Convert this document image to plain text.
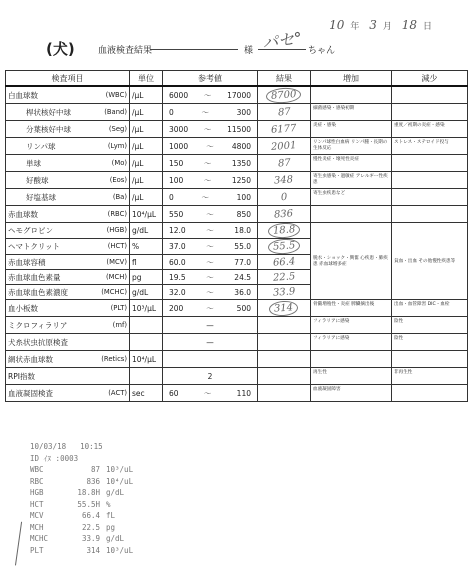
10 年 3 月 18 日
(犬)	血液検査結果	様 パセ° ちゃん
検査項目		単位	参考値	結果	増加	減少
白血球数	(WBC)	/μL	6000 〜 17000	8700		
桿状核好中球	(Band)	/μL	0 〜 300	87	細菌感染・感染初期	
分葉核好中球	(Seg)	/μL	3000 〜 11500	6177	炎症・感染	重度／初期の炎症・感染
リンパ球	(Lym)	/μL	1000 〜 4800	2001	リンパ球性白血病 リンパ腫・長期の生体反応	ストレス・ステロイド投与
単球	(Mo)	/μL	150 〜 1350	87	慢性炎症・壊死性炎症	
好酸球	(Eos)	/μL	100 〜 1250	348	寄生虫感染・過敏症 アレルギー性疾患	
好塩基球	(Ba)	/μL	0 〜 100	0	寄生虫疾患など	
赤血球数	(RBC)	10⁴/μL	550 〜 850	836		
ヘモグロビン	(HGB)	g/dL	12.0 〜 18.0	18.8	脱水・ショック・興奮 心疾患・肺疾患 赤血球増多症	貧血・出血 その他慢性疾患等
ヘマトクリット	(HCT)	%	37.0 〜 55.0	55.5		
赤血球容積	(MCV)	fl	60.0 〜 77.0	66.4		
赤血球血色素量	(MCH)	pg	19.5 〜 24.5	22.5		
赤血球血色素濃度	(MCHC)	g/dL	32.0 〜 36.0	33.9		
血小板数	(PLT)	10³/μL	200 〜 500	314	骨髄増殖性・炎症 脾臓摘出後	出血・血管障害 DIC・血栓
ミクロフィラリア	(mf)		—		フィラリアに感染	陰性
犬糸状虫抗原検査			—		フィラリアに感染	陰性
網状赤血球数	(Retics)	10⁴/μL				
RPI指数			2		再生性	非再生性
血液凝固検査	(ACT)	sec	60 〜 110		血液凝固障害	
10/03/18 10:15
ID ｲﾇ :0003
WBC	87 10³/uL
RBC	836 10⁴/uL
HGB	18.8H g/dL
HCT	55.5H %
MCV	66.4 fL
MCH	22.5 pg
MCHC	33.9 g/dL
PLT	314 10³/uL
